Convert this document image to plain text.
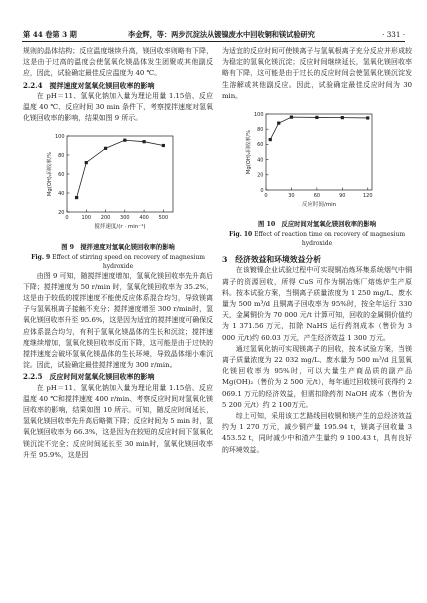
第 44 卷第 3 期	李金辉，等：两步沉淀法从镀镍废水中回收铜和镁试验研究	· 331 ·

规则的晶体结构；反应温度继续升高，镁回收率则略有下降，这是由于过高的温度会使氢氧化镁晶体发生团聚或其他副反应，因此，试验确定最佳反应温度为 40 ℃。

2.2.4　搅拌速度对氢氧化镁回收率的影响

在 pH＝11、氢氧化钠加入量为理论用量 1.15倍、反应温度 40 ℃、反应时间 30 min 条件下，考察搅拌速度对氢氧化镁回收率的影响，结果如图 9 所示。

0	100 200 300 400 500
20
40
60
80
100
搅拌速度/(r · min⁻¹)
Mg(OH)₂回收率/%

图 9　搅拌速度对氢氧化镁回收率的影响

Fig. 9 Effect of stirring speed on recovery of magnesium hydroxide

由图 9 可知，随搅拌速度增加，氢氧化镁回收率先升高后下降；搅拌速度为 50 r/min 时，氢氧化镁回收率为 35.2%，这是由于较低的搅拌速度不能使反应体系混合均匀，导致镁离子与氢氧根离子接触不充分；搅拌速度增至 300 r/min时，氢氧化镁回收率升至 95.6%，这是因为适宜的搅拌速度可确保反应体系混合均匀，有利于氢氧化镁晶体的生长和沉淀；搅拌速度继续增加，氢氧化镁回收率反而下降，这可能是由于过快的搅拌速度会破坏氢氧化镁晶体的生长环境，导致晶体细小难沉淀。因此，试验确定最佳搅拌速度为 300 r/min。

2.2.5　反应时间对氢氧化镁回收率的影响

在 pH＝11、氢氧化钠加入量为理论用量 1.15倍、反应温度 40 ℃和搅拌速度 400 r/min、考察反应时间对氢氧化镁回收率的影响，结果如图 10 所示。可知，随反应时间延长，氢氧化镁回收率先升高后略微下降；反应时间为 5 min 时，氢氧化镁回收率为 66.3%，这是因为在较短的反应时间下氢氧化镁沉淀不完全；反应时间延长至 30 min时，氢氧化镁回收率升至 95.9%，这是因

为适宜的反应时间可使镁离子与氢氧根离子充分反应并形成较为稳定的氢氧化镁沉淀；反应时间继续延长，氢氧化镁回收率略有下降，这可能是由于过长的反应时间会使氢氧化镁沉淀发生溶解或其他副反应。因此，试验确定最佳反应时间为 30 min。

0	30	60	90	120
0
20
40
60
80
100
反应时间/min
Mg(OH)₂回收率/%

图 10　反应时间对氢氧化镁回收率的影响

Fig. 10 Effect of reaction time on recovery of magnesium hydroxide

3　经济效益和环境效益分析

在该镀镍企业试验过程中可实现铜冶炼环集系统烟气中铜离子的资源回收，所得 CuS 可作为铜冶炼厂熔炼炉生产原料。按本试验方案，当铜离子质量浓度为 1 250 mg/L、废水量为 500 m³/d 且铜离子回收率为 95%时，按全年运行 330 天，金属铜价为 70 000 元/t 计算可知，回收的金属铜价值约为 1 371.56 万元，扣除 NaHS 运行药剂成本（售价为 3 000 元/t)约 60.03 万元，产生经济效益 1 300 万元。

通过氢氧化钠可实现镁离子的回收，按本试验方案，当镁离子质量浓度为 22 032 mg/L、废水量为 500 m³/d 且氢氧化镁回收率为 95%时，可以大量生产商品质的副产品 Mg(OH)₂（售价为 2 500 元/t），每年通过回收镁可获得约 2 069.1 万元的经济效益，但需扣除药剂 NaOH 成本（售价为 5 200 元/t）约 2 100万元。

综上可知，采用该工艺路线回收铜和镁产生的总经济效益约为 1 270 万元，减少铜产量 195.94 t，镁离子回收量 3 453.52 t，同时减少中和渣产生量约 9 100.43 t，具有良好的环境效益。
